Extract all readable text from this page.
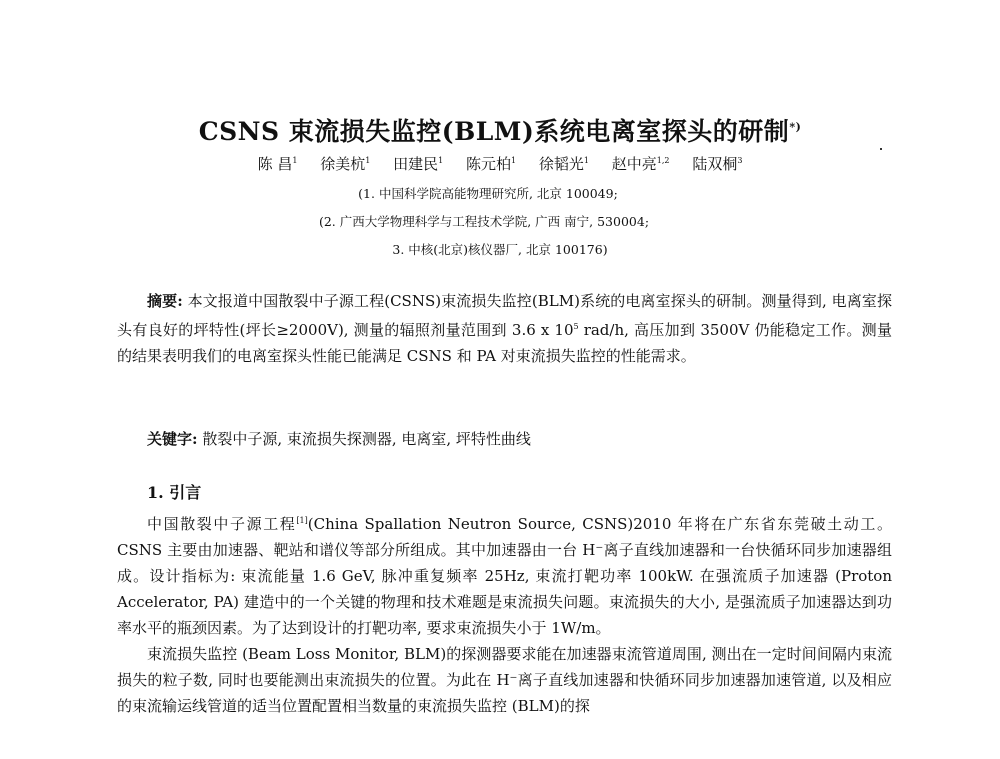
CSNS 束流损失监控(BLM)系统电离室探头的研制*)
陈 昌$^1$ 徐美杭$^1$ 田建民$^1$ 陈元柏$^1$ 徐韬光$^1$ 赵中亮$^{1,2}$ 陆双桐$^3$
(1. 中国科学院高能物理研究所, 北京 100049;
(2. 广西大学物理科学与工程技术学院, 广西 南宁, 530004;
3. 中核(北京)核仪器厂, 北京 100176)
摘要: 本文报道中国散裂中子源工程(CSNS)束流损失监控(BLM)系统的电离室探头的研制。测量得到, 电离室探头有良好的坪特性(坪长≥2000V), 测量的辐照剂量范围到 3.6 x $10^5$ rad/h, 高压加到 3500V 仍能稳定工作。测量的结果表明我们的电离室探头性能已能满足 CSNS 和 PA 对束流损失监控的性能需求。
关键字: 散裂中子源, 束流损失探测器, 电离室, 坪特性曲线
1. 引言

中国散裂中子源工程[1](China Spallation Neutron Source, CSNS)2010 年将在广东省东莞破土动工。CSNS 主要由加速器、靶站和谱仪等部分所组成。其中加速器由一台 H⁻离子直线加速器和一台快循环同步加速器组成。设计指标为: 束流能量 1.6 GeV, 脉冲重复频率 25Hz, 束流打靶功率 100kW. 在强流质子加速器 (Proton Accelerator, PA) 建造中的一个关键的物理和技术难题是束流损失问题。束流损失的大小, 是强流质子加速器达到功率水平的瓶颈因素。为了达到设计的打靶功率, 要求束流损失小于 1W/m。

束流损失监控 (Beam Loss Monitor, BLM)的探测器要求能在加速器束流管道周围, 测出在一定时间间隔内束流损失的粒子数, 同时也要能测出束流损失的位置。为此在 H⁻离子直线加速器和快循环同步加速器加速管道, 以及相应的束流输运线管道的适当位置配置相当数量的束流损失监控 (BLM)的探
